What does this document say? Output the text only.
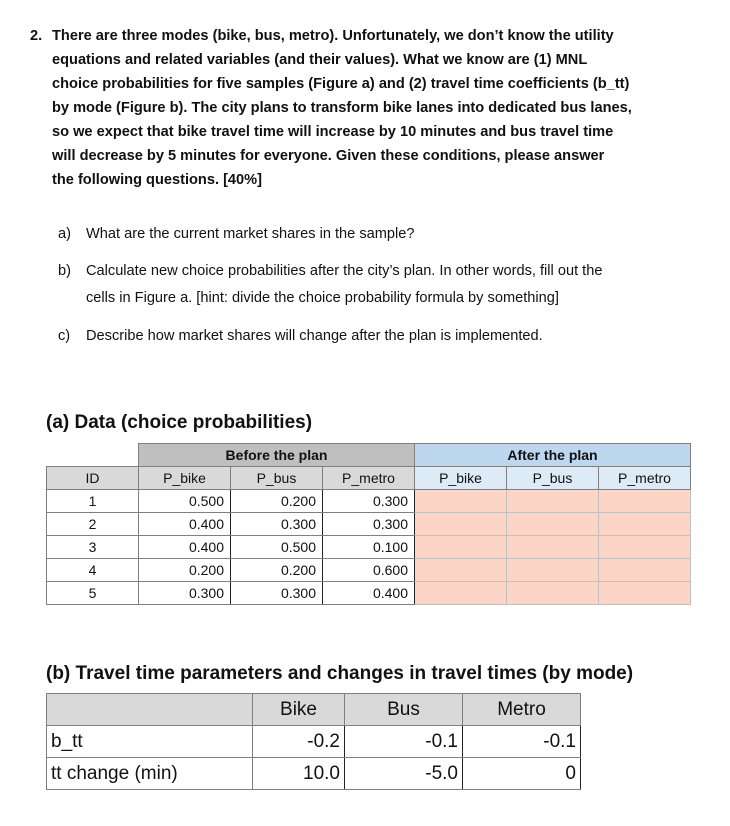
2. There are three modes (bike, bus, metro). Unfortunately, we don’t know the utility
equations and related variables (and their values). What we know are (1) MNL
choice probabilities for five samples (Figure a) and (2) travel time coefficients (b_tt)
by mode (Figure b). The city plans to transform bike lanes into dedicated bus lanes,
so we expect that bike travel time will increase by 10 minutes and bus travel time
will decrease by 5 minutes for everyone. Given these conditions, please answer
the following questions. [40%]
a) What are the current market shares in the sample?
b) Calculate new choice probabilities after the city’s plan. In other words, fill out the
cells in Figure a. [hint: divide the choice probability formula by something]
c) Describe how market shares will change after the plan is implemented.
(a) Data (choice probabilities)
	Before the plan			After the plan		
ID	P_bike	P_bus	P_metro	P_bike	P_bus	P_metro
1	0.500	0.200	0.300			
2	0.400	0.300	0.300			
3	0.400	0.500	0.100			
4	0.200	0.200	0.600			
5	0.300	0.300	0.400			
(b) Travel time parameters and changes in travel times (by mode)
	Bike	Bus	Metro
b_tt	-0.2	-0.1	-0.1
tt change (min)	10.0	-5.0	0
